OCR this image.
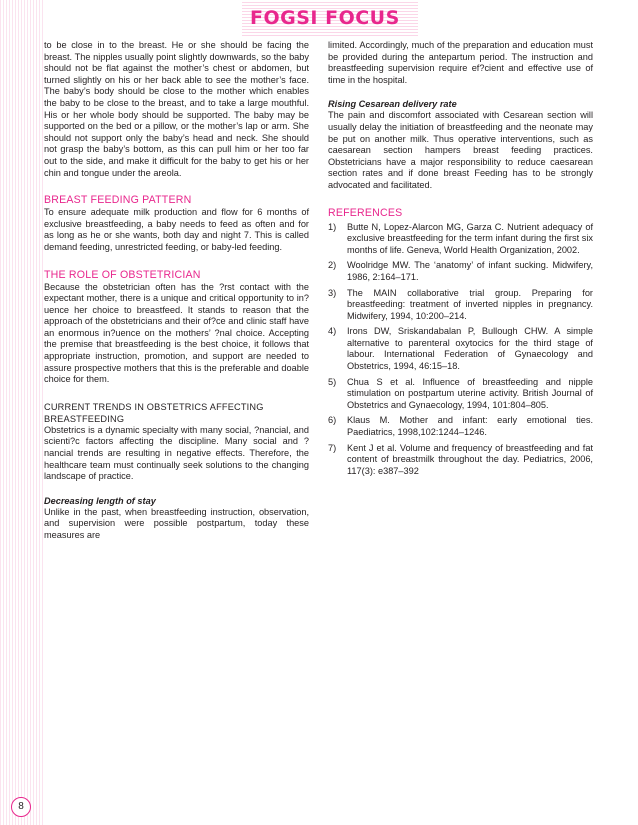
FOGSI FOCUS

to be close in to the breast. He or she should be facing the breast. The nipples usually point slightly downwards, so the baby should not be flat against the mother’s chest or abdomen, but turned slightly on his or her back able to see the mother’s face. The baby’s body should be close to the mother which enables the baby to be close to the breast, and to take a large mouthful. His or her whole body should be supported. The baby may be supported on the bed or a pillow, or the mother’s lap or arm. She should not support only the baby’s head and neck. She should not grasp the baby’s bottom, as this can pull him or her too far out to the side, and make it difficult for the baby to get his or her chin and tongue under the areola.

BREAST FEEDING PATTERN

To ensure adequate milk production and flow for 6 months of exclusive breastfeeding, a baby needs to feed as often and for as long as he or she wants, both day and night 7. This is called demand feeding, unrestricted feeding, or baby-led feeding.

THE ROLE OF OBSTETRICIAN

Because the obstetrician often has the ?rst contact with the expectant mother, there is a unique and critical opportunity to in?uence her choice to breastfeed. It stands to reason that the approach of the obstetricians and their of?ce and clinic staff have an enormous in?uence on the mothers’ ?nal choice. Accepting the premise that breastfeeding is the best choice, it follows that appropriate instruction, promotion, and support are needed to assure prospective mothers that this is the preferable and doable choice for them.

CURRENT TRENDS IN OBSTETRICS AFFECTING BREASTFEEDING

Obstetrics is a dynamic specialty with many social, ?nancial, and scienti?c factors affecting the discipline. Many social and ?nancial trends are resulting in negative effects. Therefore, the healthcare team must continually seek solutions to the changing landscape of practice.

Decreasing length of stay

Unlike in the past, when breastfeeding instruction, observation, and supervision were possible postpartum, today these measures are

limited. Accordingly, much of the preparation and education must be provided during the antepartum period. The instruction and breastfeeding supervision require ef?cient and effective use of time in the hospital.

Rising Cesarean delivery rate

The pain and discomfort associated with Cesarean section will usually delay the initiation of breastfeeding and the neonate may be put on another milk. Thus operative interventions, such as caesarean section hampers breast feeding practices. Obstetricians have a major responsibility to reduce caesarean section rates and if done breast Feeding has to be strongly advocated and facilitated.

REFERENCES
1) Butte N, Lopez-Alarcon MG, Garza C. Nutrient adequacy of exclusive breastfeeding for the term infant during the first six months of life. Geneva, World Health Organization, 2002.
2) Woolridge MW. The ‘anatomy’ of infant sucking. Midwifery, 1986, 2:164–171.
3) The MAIN collaborative trial group. Preparing for breastfeeding: treatment of inverted nipples in pregnancy. Midwifery, 1994, 10:200–214.
4) Irons DW, Sriskandabalan P, Bullough CHW. A simple alternative to parenteral oxytocics for the third stage of labour. International Federation of Gynaecology and Obstetrics, 1994, 46:15–18.
5) Chua S et al. Influence of breastfeeding and nipple stimulation on postpartum uterine activity. British Journal of Obstetrics and Gynaecology, 1994, 101:804–805.
6) Klaus M. Mother and infant: early emotional ties. Paediatrics, 1998,102:1244–1246.
7) Kent J et al. Volume and frequency of breastfeeding and fat content of breastmilk throughout the day. Pediatrics, 2006, 117(3): e387–392
8
